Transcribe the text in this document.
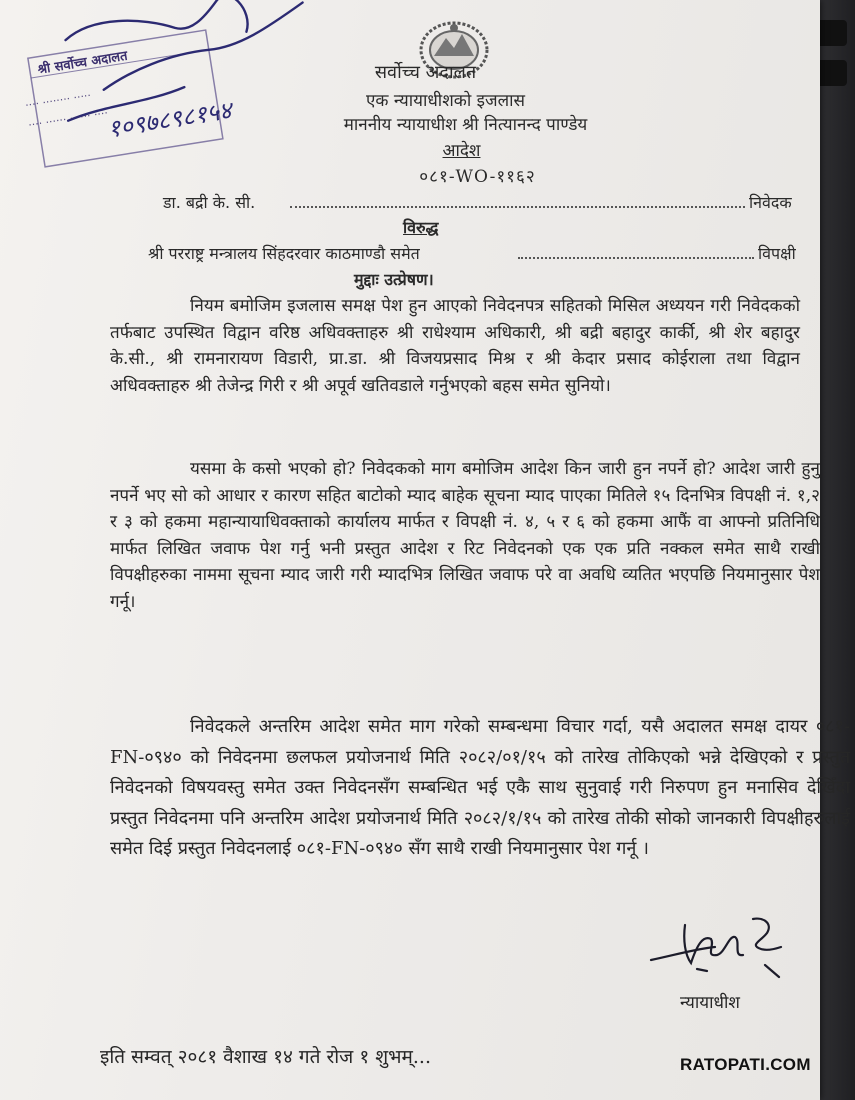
सर्वोच्च अदालत
एक न्यायाधीशको इजलास
माननीय न्यायाधीश श्री नित्यानन्द पाण्डेय
आदेश
०८१-WO-११६२
डा. बद्री के. सी.	निवेदक
विरुद्ध
श्री परराष्ट्र मन्त्रालय सिंहदरवार काठमाण्डौ समेत	विपक्षी
मुद्दाः उत्प्रेषण।
नियम बमोजिम इजलास समक्ष पेश हुन आएको निवेदनपत्र सहितको मिसिल अध्ययन गरी निवेदकको तर्फबाट उपस्थित विद्वान वरिष्ठ अधिवक्ताहरु श्री राधेश्याम अधिकारी, श्री बद्री बहादुर कार्की, श्री शेर बहादुर के.सी., श्री रामनारायण विडारी, प्रा.डा. श्री विजयप्रसाद मिश्र र श्री केदार प्रसाद कोईराला तथा विद्वान अधिवक्ताहरु श्री तेजेन्द्र गिरी र श्री अपूर्व खतिवडाले गर्नुभएको बहस समेत सुनियो।
यसमा के कसो भएको हो? निवेदकको माग बमोजिम आदेश किन जारी हुन नपर्ने हो? आदेश जारी हुनु नपर्ने भए सो को आधार र कारण सहित बाटोको म्याद बाहेक सूचना म्याद पाएका मितिले १५ दिनभित्र विपक्षी नं. १,२ र ३ को हकमा महान्यायाधिवक्ताको कार्यालय मार्फत र विपक्षी नं. ४, ५ र ६ को हकमा आफैं वा आफ्नो प्रतिनिधि मार्फत लिखित जवाफ पेश गर्नु भनी प्रस्तुत आदेश र रिट निवेदनको एक एक प्रति नक्कल समेत साथै राखी विपक्षीहरुका नाममा सूचना म्याद जारी गरी म्यादभित्र लिखित जवाफ परे वा अवधि व्यतित भएपछि नियमानुसार पेश गर्नू।
निवेदकले अन्तरिम आदेश समेत माग गरेको सम्बन्धमा विचार गर्दा, यसै अदालत समक्ष दायर ०८१-FN-०९४० को निवेदनमा छलफल प्रयोजनार्थ मिति २०८२/०१/१५ को तारेख तोकिएको भन्ने देखिएको र प्रस्तुत निवेदनको विषयवस्तु समेत उक्त निवेदनसँग सम्बन्धित भई एकै साथ सुनुवाई गरी निरुपण हुन मनासिव देखिँदा प्रस्तुत निवेदनमा पनि अन्तरिम आदेश प्रयोजनार्थ मिति २०८२/१/१५ को तारेख तोकी सोको जानकारी विपक्षीहरुलाई समेत दिई प्रस्तुत निवेदनलाई ०८१-FN-०९४० सँग साथै राखी नियमानुसार पेश गर्नू ।
न्यायाधीश
इति सम्वत् २०८१ वैशाख १४ गते रोज १ शुभम्...
श्री सर्वोच्च अदालत
···· ········ ·····
···· ······ ······ ····
१०९७८९८१५४
RATOPATI.COM
